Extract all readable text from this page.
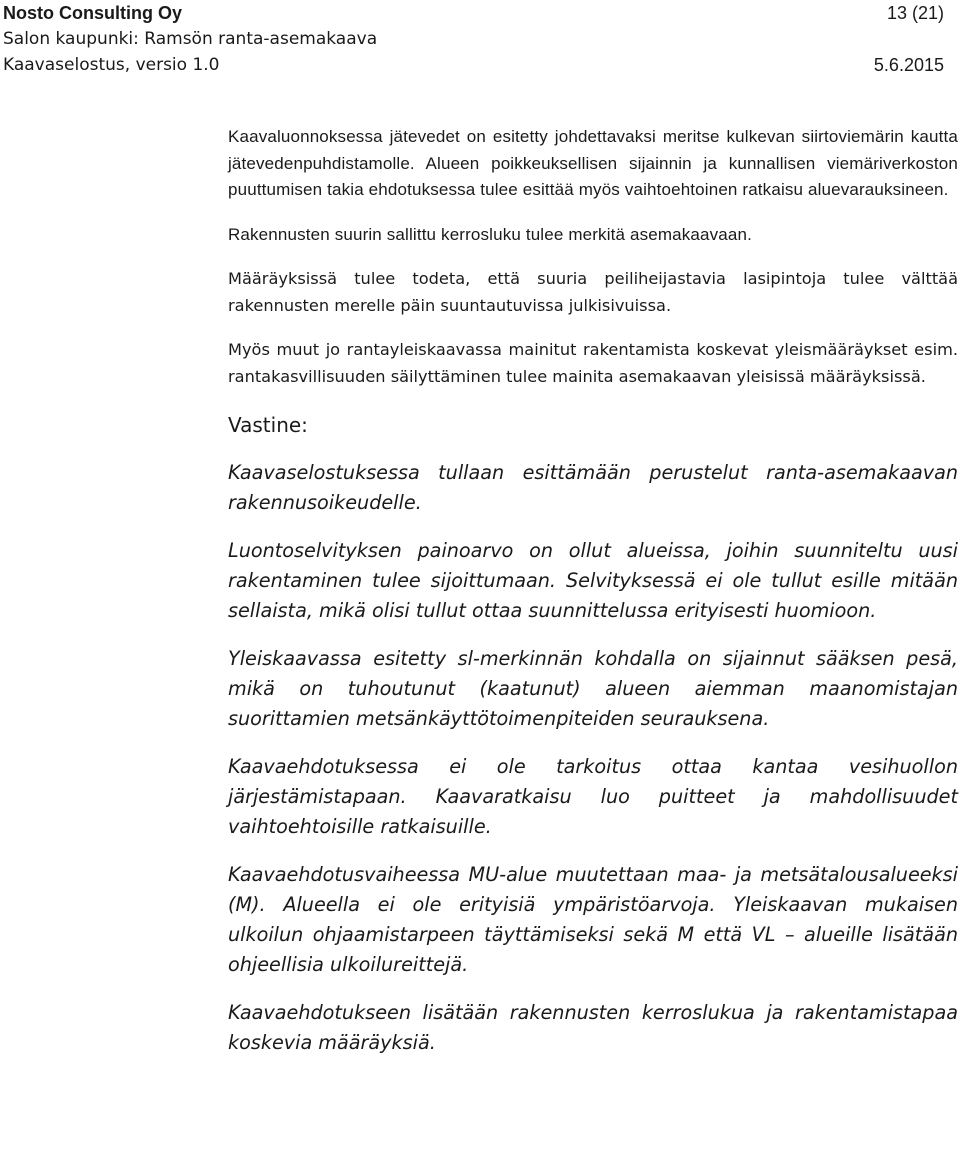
Nosto Consulting Oy	13 (21)
Salon kaupunki: Ramsön ranta-asemakaava
Kaavaselostus, versio 1.0	5.6.2015

Kaavaluonnoksessa jätevedet on esitetty johdettavaksi meritse kulkevan siirtoviemärin kautta jätevedenpuhdistamolle. Alueen poikkeuksellisen sijainnin ja kunnallisen viemäriverkoston puuttumisen takia ehdotuksessa tulee esittää myös vaihtoehtoinen ratkaisu aluevarauksineen.

Rakennusten suurin sallittu kerrosluku tulee merkitä asemakaavaan.

Määräyksissä tulee todeta, että suuria peiliheijastavia lasipintoja tulee välttää rakennusten merelle päin suuntautuvissa julkisivuissa.

Myös muut jo rantayleiskaavassa mainitut rakentamista koskevat yleismääräykset esim. rantakasvillisuuden säilyttäminen tulee mainita asemakaavan yleisissä määräyksissä.

Vastine:

Kaavaselostuksessa tullaan esittämään perustelut ranta-asemakaavan rakennusoikeudelle.

Luontoselvityksen painoarvo on ollut alueissa, joihin suunniteltu uusi rakentaminen tulee sijoittumaan. Selvityksessä ei ole tullut esille mitään sellaista, mikä olisi tullut ottaa suunnittelussa erityisesti huomioon.

Yleiskaavassa esitetty sl-merkinnän kohdalla on sijainnut sääksen pesä, mikä on tuhoutunut (kaatunut) alueen aiemman maanomistajan suorittamien metsänkäyttötoimenpiteiden seurauksena.

Kaavaehdotuksessa ei ole tarkoitus ottaa kantaa vesihuollon järjestämistapaan. Kaavaratkaisu luo puitteet ja mahdollisuudet vaihtoehtoisille ratkaisuille.

Kaavaehdotusvaiheessa MU-alue muutettaan maa- ja metsätalousalueeksi (M). Alueella ei ole erityisiä ympäristöarvoja. Yleiskaavan mukaisen ulkoilun ohjaamistarpeen täyttämiseksi sekä M että VL – alueille lisätään ohjeellisia ulkoilureittejä.

Kaavaehdotukseen lisätään rakennusten kerroslukua ja rakentamistapaa koskevia määräyksiä.
